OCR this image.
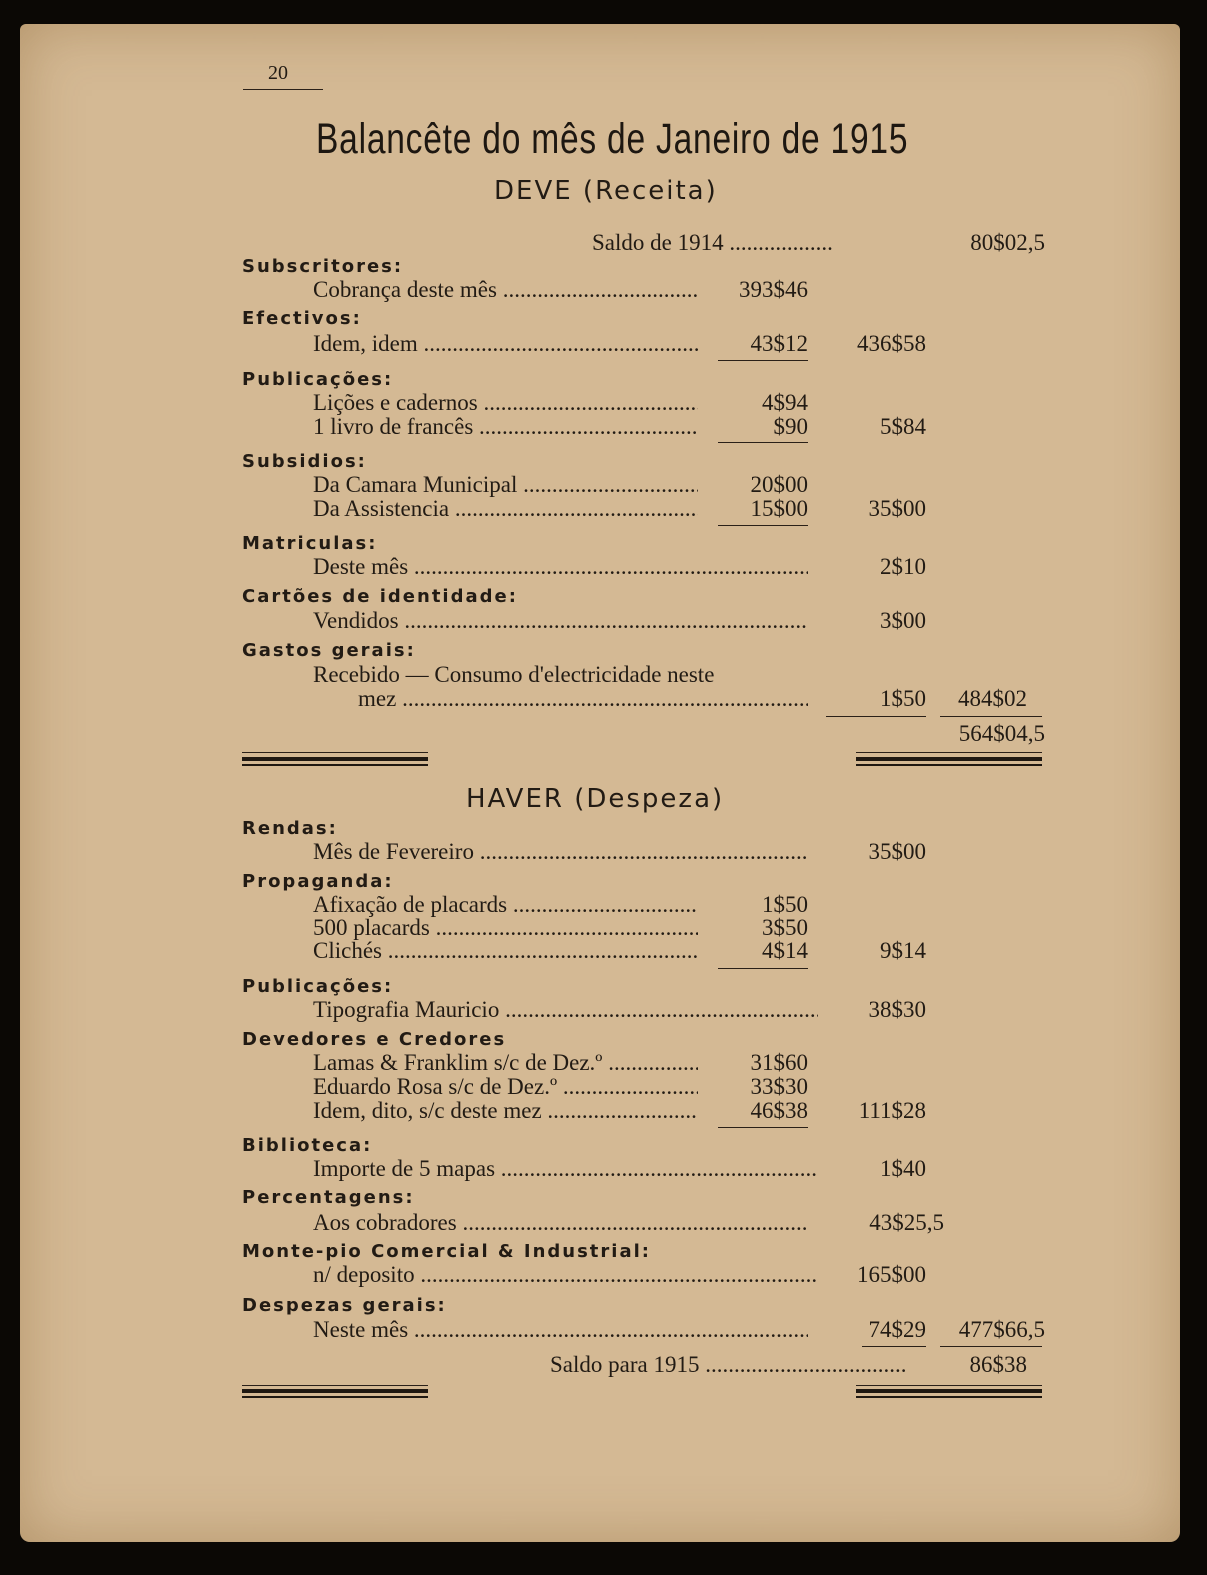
20
Balancête do mês de Janeiro de 1915
DEVE (Receita)
Saldo de 1914 .....	80$02,5
Subscritores:
Cobrança deste mês .....	393$46
Efectivos:
Idem, idem .....	43$12	436$58
Publicações:
Lições e cadernos .....	4$94
1 livro de francês .....	$90	5$84
Subsidios:
Da Camara Municipal .....	20$00
Da Assistencia .....	15$00	35$00
Matriculas:
Deste mês .....	2$10
Cartões de identidade:
Vendidos .....	3$00
Gastos gerais:
Recebido — Consumo d'electricidade neste
mez .....	1$50	484$02
564$04,5
HAVER (Despeza)
Rendas:
Mês de Fevereiro .....	35$00
Propaganda:
Afixação de placards .....	1$50
500 placards .....	3$50
Clichés .....	4$14	9$14
Publicações:
Tipografia Mauricio .....	38$30
Devedores e Credores
Lamas & Franklim s/c de Dez.º .....	31$60
Eduardo Rosa s/c de Dez.º .....	33$30
Idem, dito, s/c deste mez .....	46$38	111$28
Biblioteca:
Importe de 5 mapas .....	1$40
Percentagens:
Aos cobradores .....	43$25,5
Monte-pio Comercial & Industrial:
n/ deposito .....	165$00
Despezas gerais:
Neste mês .....	74$29	477$66,5
Saldo para 1915 .....	86$38
